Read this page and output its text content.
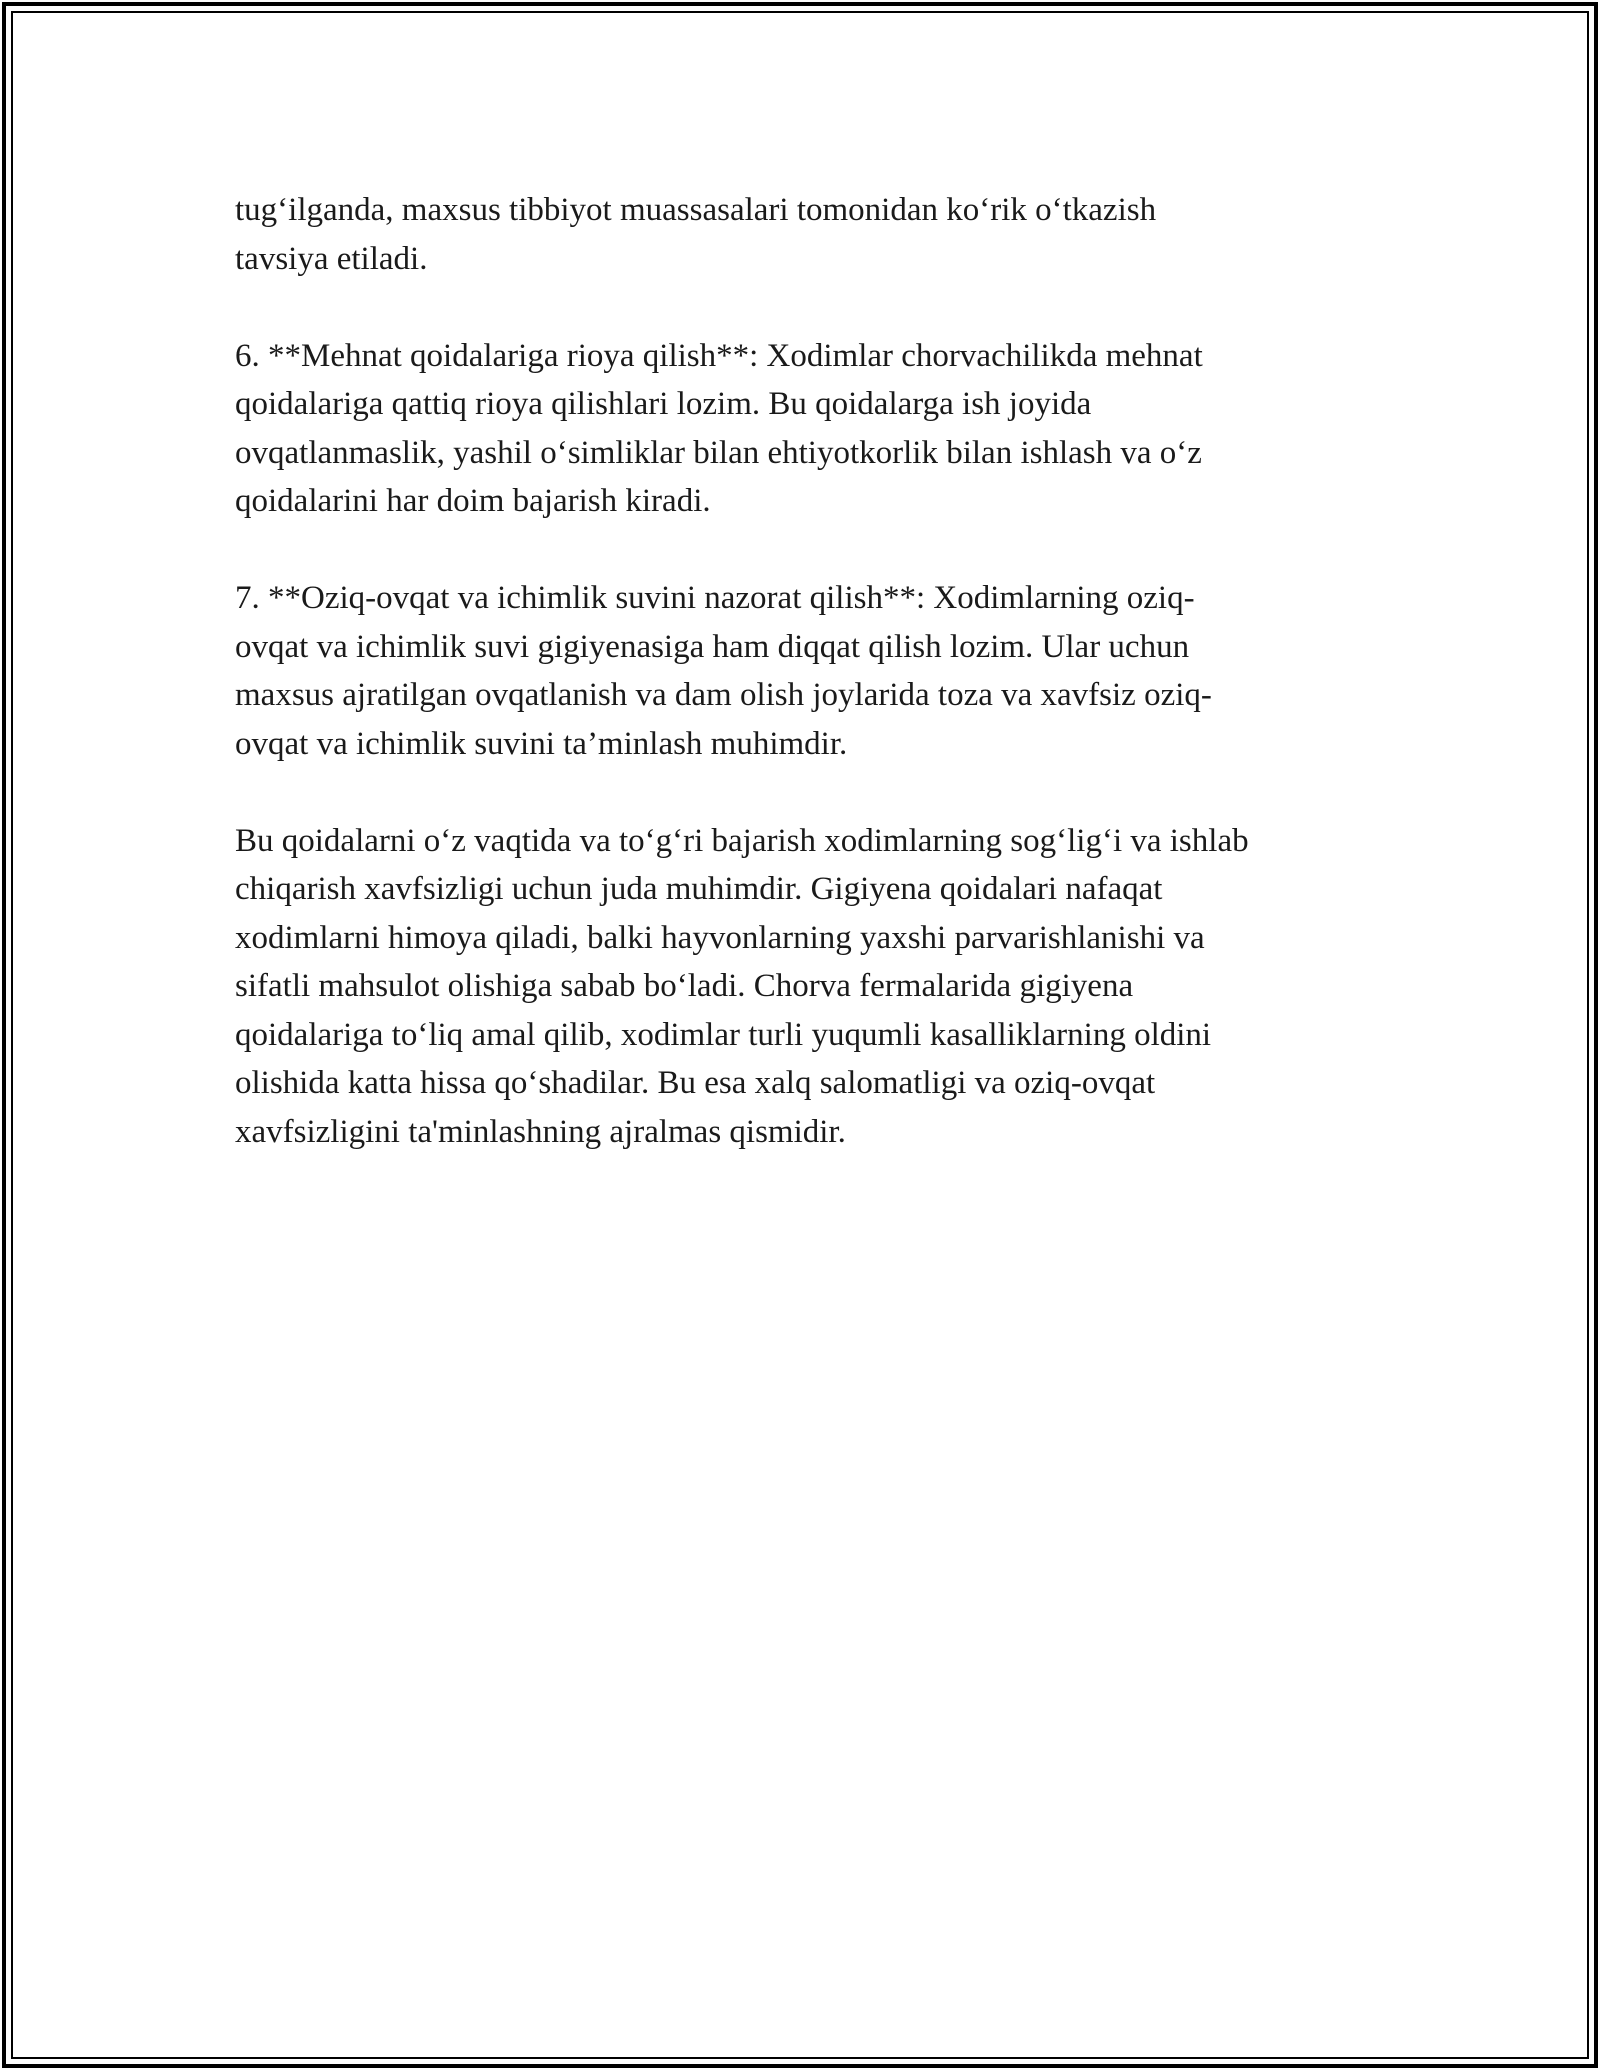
tug‘ilganda, maxsus tibbiyot muassasalari tomonidan ko‘rik o‘tkazish
tavsiya etiladi.

6. **Mehnat qoidalariga rioya qilish**: Xodimlar chorvachilikda mehnat
qoidalariga qattiq rioya qilishlari lozim. Bu qoidalarga ish joyida
ovqatlanmaslik, yashil o‘simliklar bilan ehtiyotkorlik bilan ishlash va o‘z
qoidalarini har doim bajarish kiradi.

7. **Oziq-ovqat va ichimlik suvini nazorat qilish**: Xodimlarning oziq-
ovqat va ichimlik suvi gigiyenasiga ham diqqat qilish lozim. Ular uchun
maxsus ajratilgan ovqatlanish va dam olish joylarida toza va xavfsiz oziq-
ovqat va ichimlik suvini ta’minlash muhimdir.

Bu qoidalarni o‘z vaqtida va to‘g‘ri bajarish xodimlarning sog‘lig‘i va ishlab
chiqarish xavfsizligi uchun juda muhimdir. Gigiyena qoidalari nafaqat
xodimlarni himoya qiladi, balki hayvonlarning yaxshi parvarishlanishi va
sifatli mahsulot olishiga sabab bo‘ladi. Chorva fermalarida gigiyena
qoidalariga to‘liq amal qilib, xodimlar turli yuqumli kasalliklarning oldini
olishida katta hissa qo‘shadilar. Bu esa xalq salomatligi va oziq-ovqat
xavfsizligini ta'minlashning ajralmas qismidir.
